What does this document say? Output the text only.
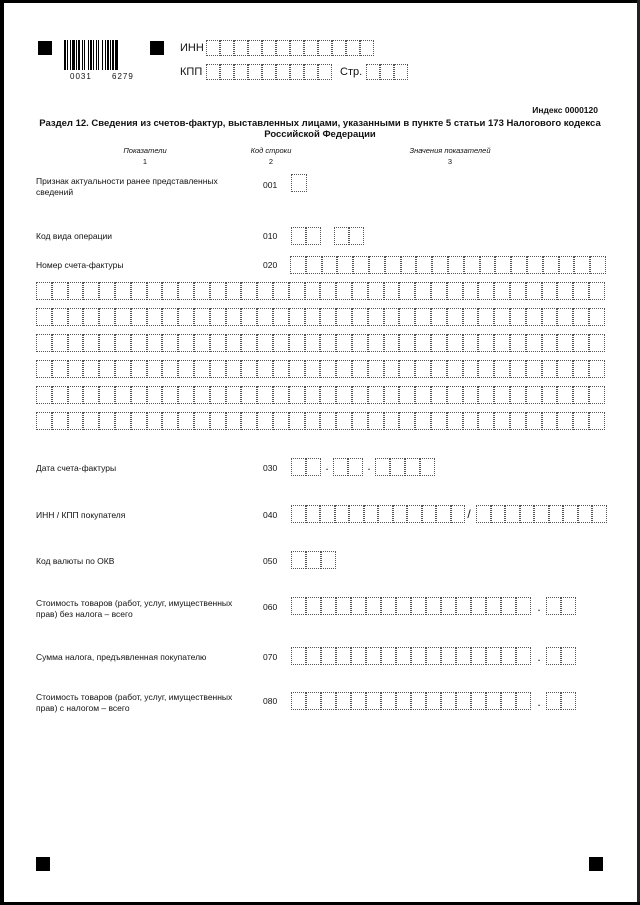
0031	6279
ИНН
КПП	Стр.
Индекс 0000120
Раздел 12. Сведения из счетов-фактур, выставленных лицами, указанными в пункте 5 статьи 173 Налогового кодекса Российской Федерации
Показатели	Код строки	Значения показателей
1	2	3
Признак актуальности ранее представленных сведений
001
Код вида операции	010
Номер счета-фактуры	020
Дата счета-фактуры	030	.	.
ИНН / КПП покупателя	040	/
Код валюты по ОКВ	050
Стоимость товаров (работ, услуг, имущественных прав) без налога – всего
060	.
Сумма налога, предъявленная покупателю	070	.
Стоимость товаров (работ, услуг, имущественных прав) с налогом – всего
080	.
